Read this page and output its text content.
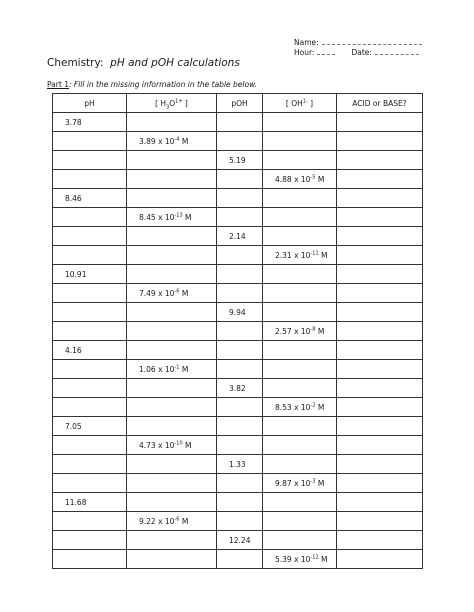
Name:
Hour:	Date:
Chemistry: pH and pOH calculations
Part 1: Fill in the missing information in the table below.
pH	[ $H_3O^{1+}$ ]	pOH	[ $OH^{1-}$ ]	ACID or BASE?
3.78				
	3.89 x $10^{-4}$ M			
		5.19		
			4.88 x $10^{-5}$ M	
8.46				
	8.45 x $10^{-13}$ M			
		2.14		
			2.31 x $10^{-11}$ M	
10.91				
	7.49 x $10^{-6}$ M			
		9.94		
			2.57 x $10^{-8}$ M	
4.16				
	1.06 x $10^{-1}$ M			
		3.82		
			8.53 x $10^{-2}$ M	
7.05				
	4.73 x $10^{-10}$ M			
		1.33		
			9.87 x $10^{-3}$ M	
11.68				
	9.22 x $10^{-6}$ M			
		12.24		
			5.39 x $10^{-12}$ M	
